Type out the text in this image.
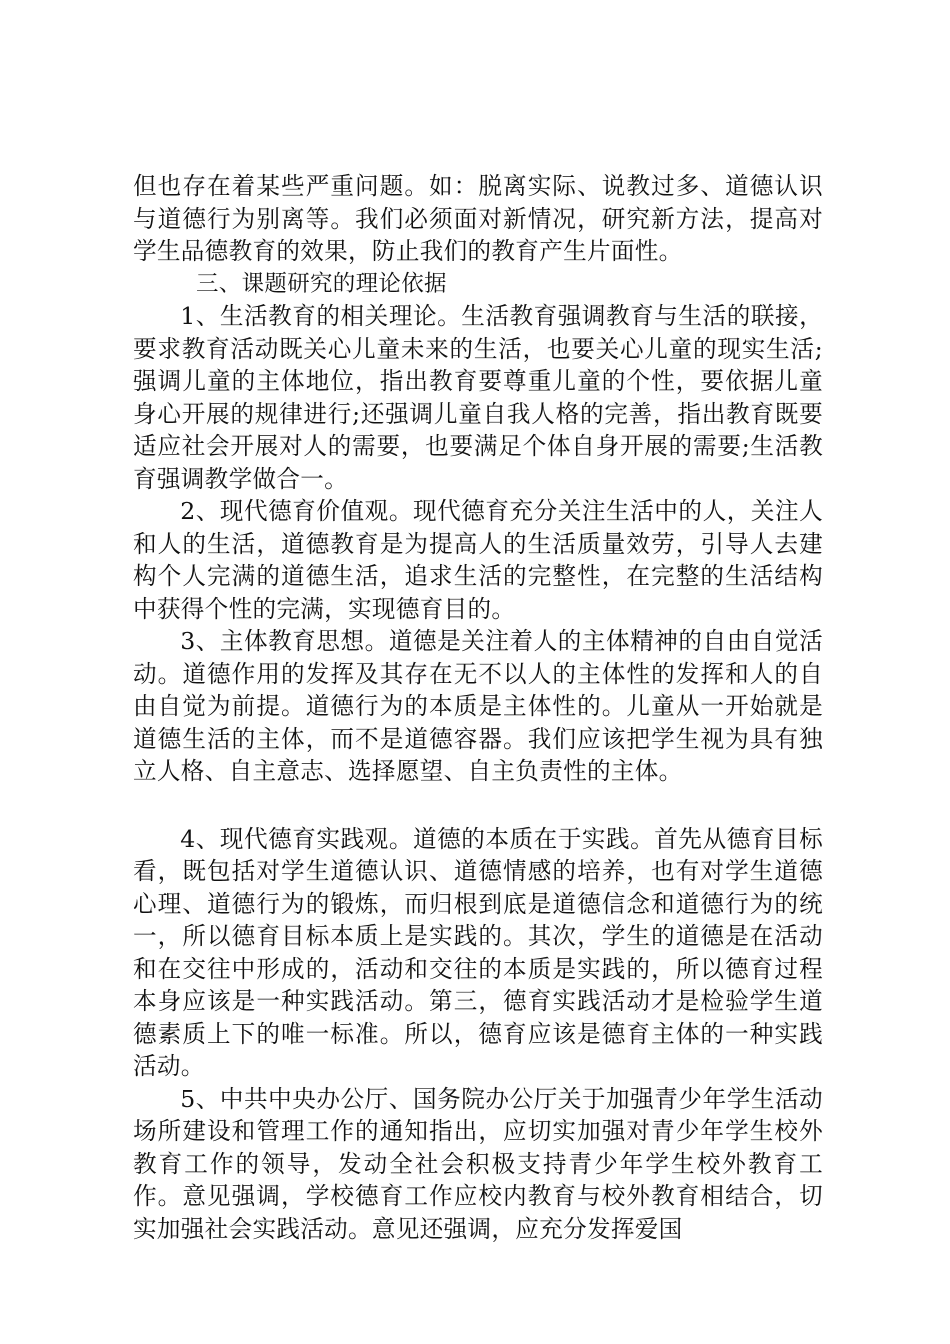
但也存在着某些严重问题。如：脱离实际、说教过多、道德认识与道德行为别离等。我们必须面对新情况，研究新方法，提高对学生品德教育的效果，防止我们的教育产生片面性。

三、课题研究的理论依据

1、生活教育的相关理论。生活教育强调教育与生活的联接，要求教育活动既关心儿童未来的生活，也要关心儿童的现实生活;强调儿童的主体地位，指出教育要尊重儿童的个性，要依据儿童身心开展的规律进行;还强调儿童自我人格的完善，指出教育既要适应社会开展对人的需要，也要满足个体自身开展的需要;生活教育强调教学做合一。

2、现代德育价值观。现代德育充分关注生活中的人，关注人和人的生活，道德教育是为提高人的生活质量效劳，引导人去建构个人完满的道德生活，追求生活的完整性，在完整的生活结构中获得个性的完满，实现德育目的。

3、主体教育思想。道德是关注着人的主体精神的自由自觉活动。道德作用的发挥及其存在无不以人的主体性的发挥和人的自由自觉为前提。道德行为的本质是主体性的。儿童从一开始就是道德生活的主体，而不是道德容器。我们应该把学生视为具有独立人格、自主意志、选择愿望、自主负责性的主体。

4、现代德育实践观。道德的本质在于实践。首先从德育目标看，既包括对学生道德认识、道德情感的培养，也有对学生道德心理、道德行为的锻炼，而归根到底是道德信念和道德行为的统一，所以德育目标本质上是实践的。其次，学生的道德是在活动和在交往中形成的，活动和交往的本质是实践的，所以德育过程本身应该是一种实践活动。第三，德育实践活动才是检验学生道德素质上下的唯一标准。所以，德育应该是德育主体的一种实践活动。

5、中共中央办公厅、国务院办公厅关于加强青少年学生活动场所建设和管理工作的通知指出，应切实加强对青少年学生校外教育工作的领导，发动全社会积极支持青少年学生校外教育工作。意见强调，学校德育工作应校内教育与校外教育相结合，切实加强社会实践活动。意见还强调，应充分发挥爱国
